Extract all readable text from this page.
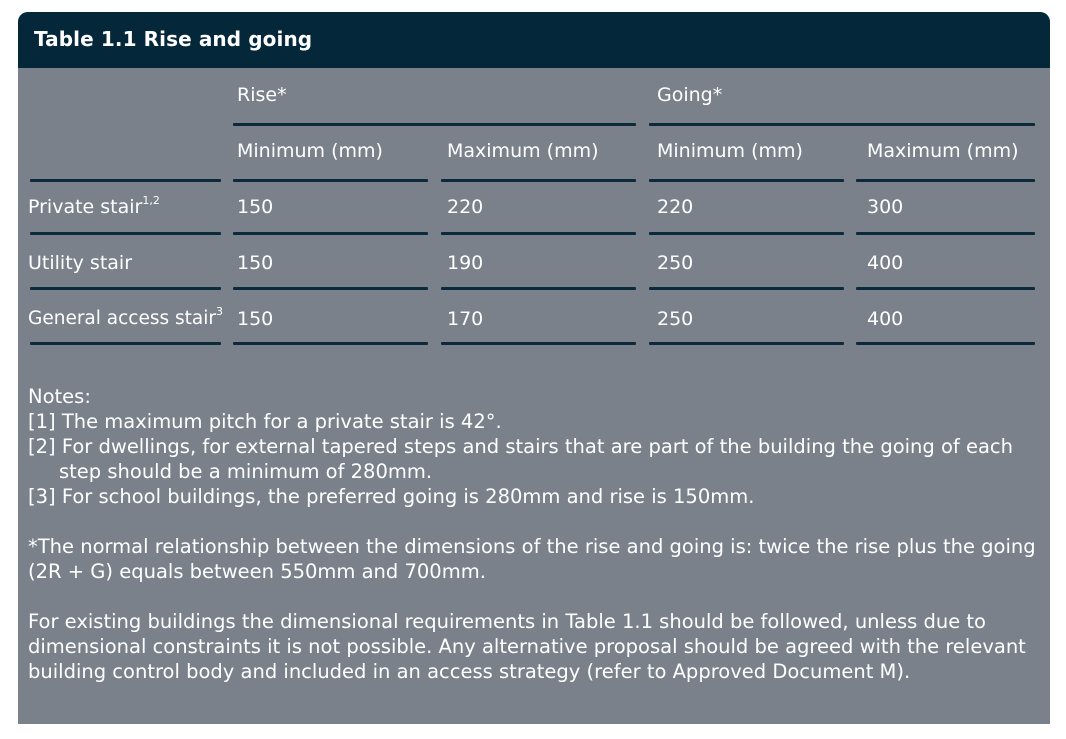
Table 1.1 Rise and going
Rise*	Going*
Minimum (mm)	Maximum (mm)	Minimum (mm)	Maximum (mm)
Private stair$^{1,2}$	150	220	220	300
Utility stair	150	190	250	400
General access stair$^3$ 150	170	250	400

Notes:

[1] The maximum pitch for a private stair is 42°.

[2] For dwellings, for external tapered steps and stairs that are part of the building the going of each step should be a minimum of 280mm.

[3] For school buildings, the preferred going is 280mm and rise is 150mm.

*The normal relationship between the dimensions of the rise and going is: twice the rise plus the going (2R + G) equals between 550mm and 700mm.

For existing buildings the dimensional requirements in Table 1.1 should be followed, unless due to dimensional constraints it is not possible. Any alternative proposal should be agreed with the relevant building control body and included in an access strategy (refer to Approved Document M).
